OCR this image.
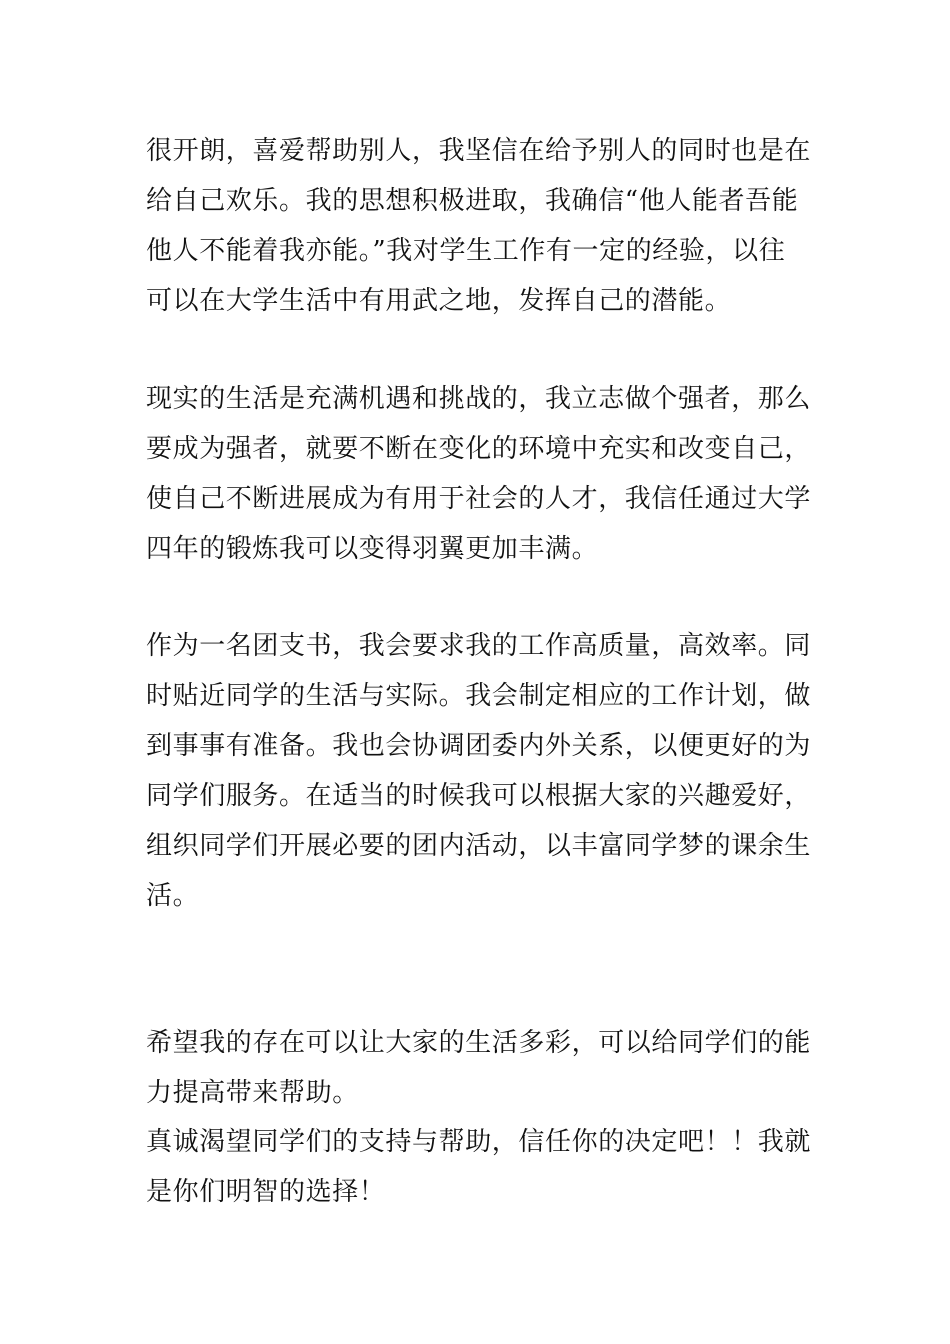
很开朗，喜爱帮助别人，我坚信在给予别人的同时也是在
给自己欢乐。我的思想积极进取，我确信“他人能者吾能
他人不能着我亦能。”我对学生工作有一定的经验，以往
可以在大学生活中有用武之地，发挥自己的潜能。
现实的生活是充满机遇和挑战的，我立志做个强者，那么
要成为强者，就要不断在变化的环境中充实和改变自己，
使自己不断进展成为有用于社会的人才，我信任通过大学
四年的锻炼我可以变得羽翼更加丰满。
作为一名团支书，我会要求我的工作高质量，高效率。同
时贴近同学的生活与实际。我会制定相应的工作计划，做
到事事有准备。我也会协调团委内外关系，以便更好的为
同学们服务。在适当的时候我可以根据大家的兴趣爱好，
组织同学们开展必要的团内活动，以丰富同学梦的课余生
活。
希望我的存在可以让大家的生活多彩，可以给同学们的能
力提高带来帮助。
真诚渴望同学们的支持与帮助，信任你的决定吧！！我就
是你们明智的选择！
